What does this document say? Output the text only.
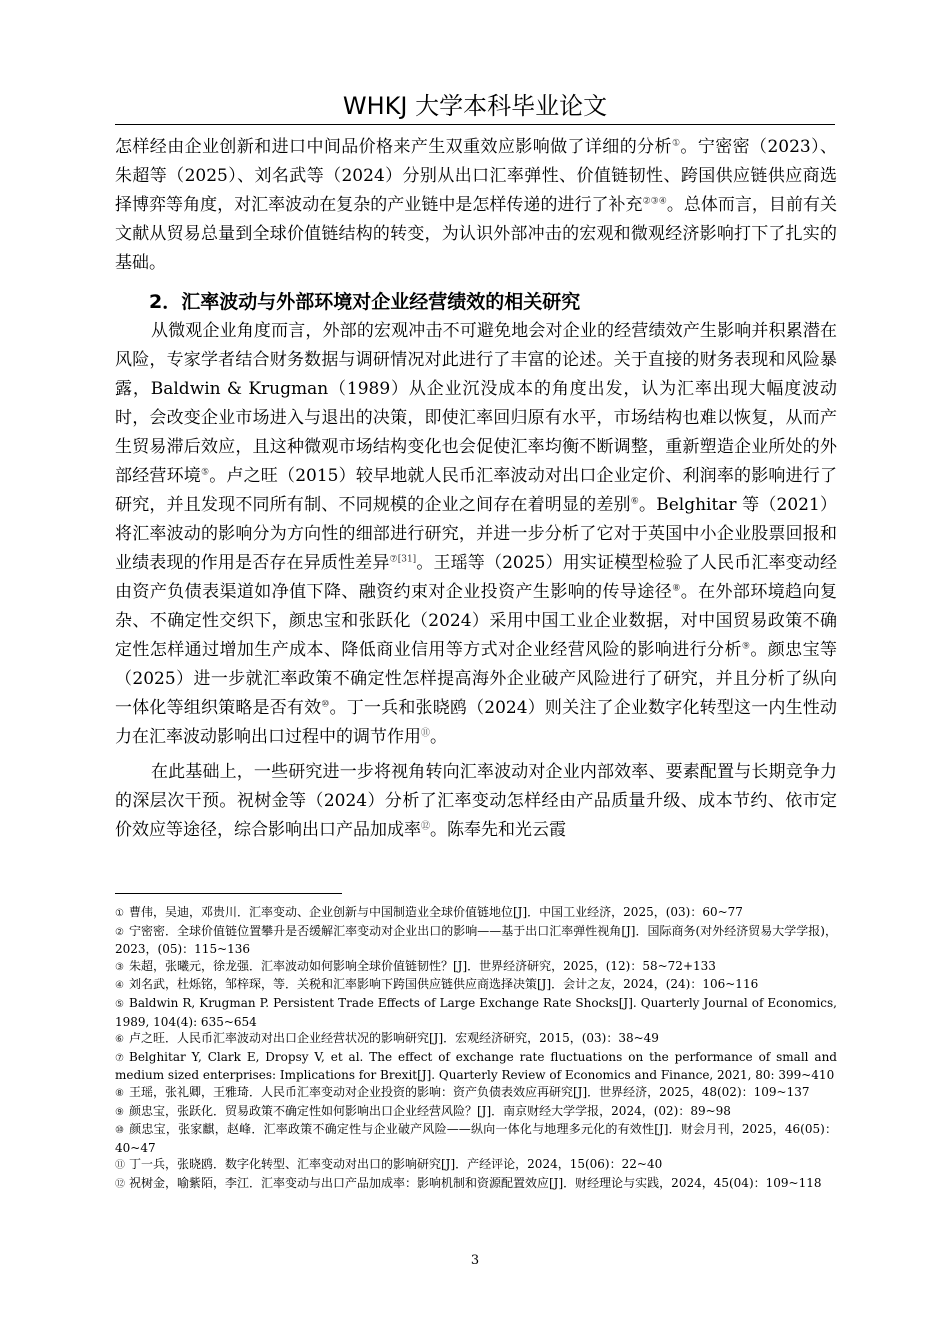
WHKJ 大学本科毕业论文

怎样经由企业创新和进口中间品价格来产生双重效应影响做了详细的分析①。宁密密（2023）、朱超等（2025）、刘名武等（2024）分别从出口汇率弹性、价值链韧性、跨国供应链供应商选择博弈等角度，对汇率波动在复杂的产业链中是怎样传递的进行了补充②③④。总体而言，目前有关文献从贸易总量到全球价值链结构的转变，为认识外部冲击的宏观和微观经济影响打下了扎实的基础。

2．汇率波动与外部环境对企业经营绩效的相关研究

从微观企业角度而言，外部的宏观冲击不可避免地会对企业的经营绩效产生影响并积累潜在风险，专家学者结合财务数据与调研情况对此进行了丰富的论述。关于直接的财务表现和风险暴露，Baldwin & Krugman（1989）从企业沉没成本的角度出发，认为汇率出现大幅度波动时，会改变企业市场进入与退出的决策，即使汇率回归原有水平，市场结构也难以恢复，从而产生贸易滞后效应，且这种微观市场结构变化也会促使汇率均衡不断调整，重新塑造企业所处的外部经营环境⑤。卢之旺（2015）较早地就人民币汇率波动对出口企业定价、利润率的影响进行了研究，并且发现不同所有制、不同规模的企业之间存在着明显的差别⑥。Belghitar 等（2021）将汇率波动的影响分为方向性的细部进行研究，并进一步分析了它对于英国中小企业股票回报和业绩表现的作用是否存在异质性差异$^{⑦[31]}$。王瑶等（2025）用实证模型检验了人民币汇率变动经由资产负债表渠道如净值下降、融资约束对企业投资产生影响的传导途径⑧。在外部环境趋向复杂、不确定性交织下，颜忠宝和张跃化（2024）采用中国工业企业数据，对中国贸易政策不确定性怎样通过增加生产成本、降低商业信用等方式对企业经营风险的影响进行分析⑨。颜忠宝等（2025）进一步就汇率政策不确定性怎样提高海外企业破产风险进行了研究，并且分析了纵向一体化等组织策略是否有效⑩。丁一兵和张晓鸥（2024）则关注了企业数字化转型这一内生性动力在汇率波动影响出口过程中的调节作用⑪。

在此基础上，一些研究进一步将视角转向汇率波动对企业内部效率、要素配置与长期竞争力的深层次干预。祝树金等（2024）分析了汇率变动怎样经由产品质量升级、成本节约、依市定价效应等途径，综合影响出口产品加成率⑫。陈奉先和光云霞

① 曹伟，吴迪，邓贵川．汇率变动、企业创新与中国制造业全球价值链地位[J]．中国工业经济，2025，(03)：60~77

② 宁密密．全球价值链位置攀升是否缓解汇率变动对企业出口的影响——基于出口汇率弹性视角[J]．国际商务(对外经济贸易大学学报)，2023，(05)：115~136

③ 朱超，张曦元，徐龙强．汇率波动如何影响全球价值链韧性？[J]．世界经济研究，2025，(12)：58~72+133

④ 刘名武，杜烁铭，邹梓琛，等．关税和汇率影响下跨国供应链供应商选择决策[J]．会计之友，2024，(24)：106~116

⑤ Baldwin R, Krugman P. Persistent Trade Effects of Large Exchange Rate Shocks[J]. Quarterly Journal of Economics, 1989, 104(4): 635~654

⑥ 卢之旺．人民币汇率波动对出口企业经营状况的影响研究[J]．宏观经济研究，2015，(03)：38~49

⑦ Belghitar Y, Clark E, Dropsy V, et al. The effect of exchange rate fluctuations on the performance of small and medium sized enterprises: Implications for Brexit[J]. Quarterly Review of Economics and Finance, 2021, 80: 399~410

⑧ 王瑶，张礼卿，王雅琦．人民币汇率变动对企业投资的影响：资产负债表效应再研究[J]．世界经济，2025，48(02)：109~137

⑨ 颜忠宝，张跃化．贸易政策不确定性如何影响出口企业经营风险？[J]．南京财经大学学报，2024，(02)：89~98

⑩ 颜忠宝，张家麒，赵峰．汇率政策不确定性与企业破产风险——纵向一体化与地理多元化的有效性[J]．财会月刊，2025，46(05)：40~47

⑪ 丁一兵，张晓鸥．数字化转型、汇率变动对出口的影响研究[J]．产经评论，2024，15(06)：22~40

⑫ 祝树金，喻紫陌，李江．汇率变动与出口产品加成率：影响机制和资源配置效应[J]．财经理论与实践，2024，45(04)：109~118

3
